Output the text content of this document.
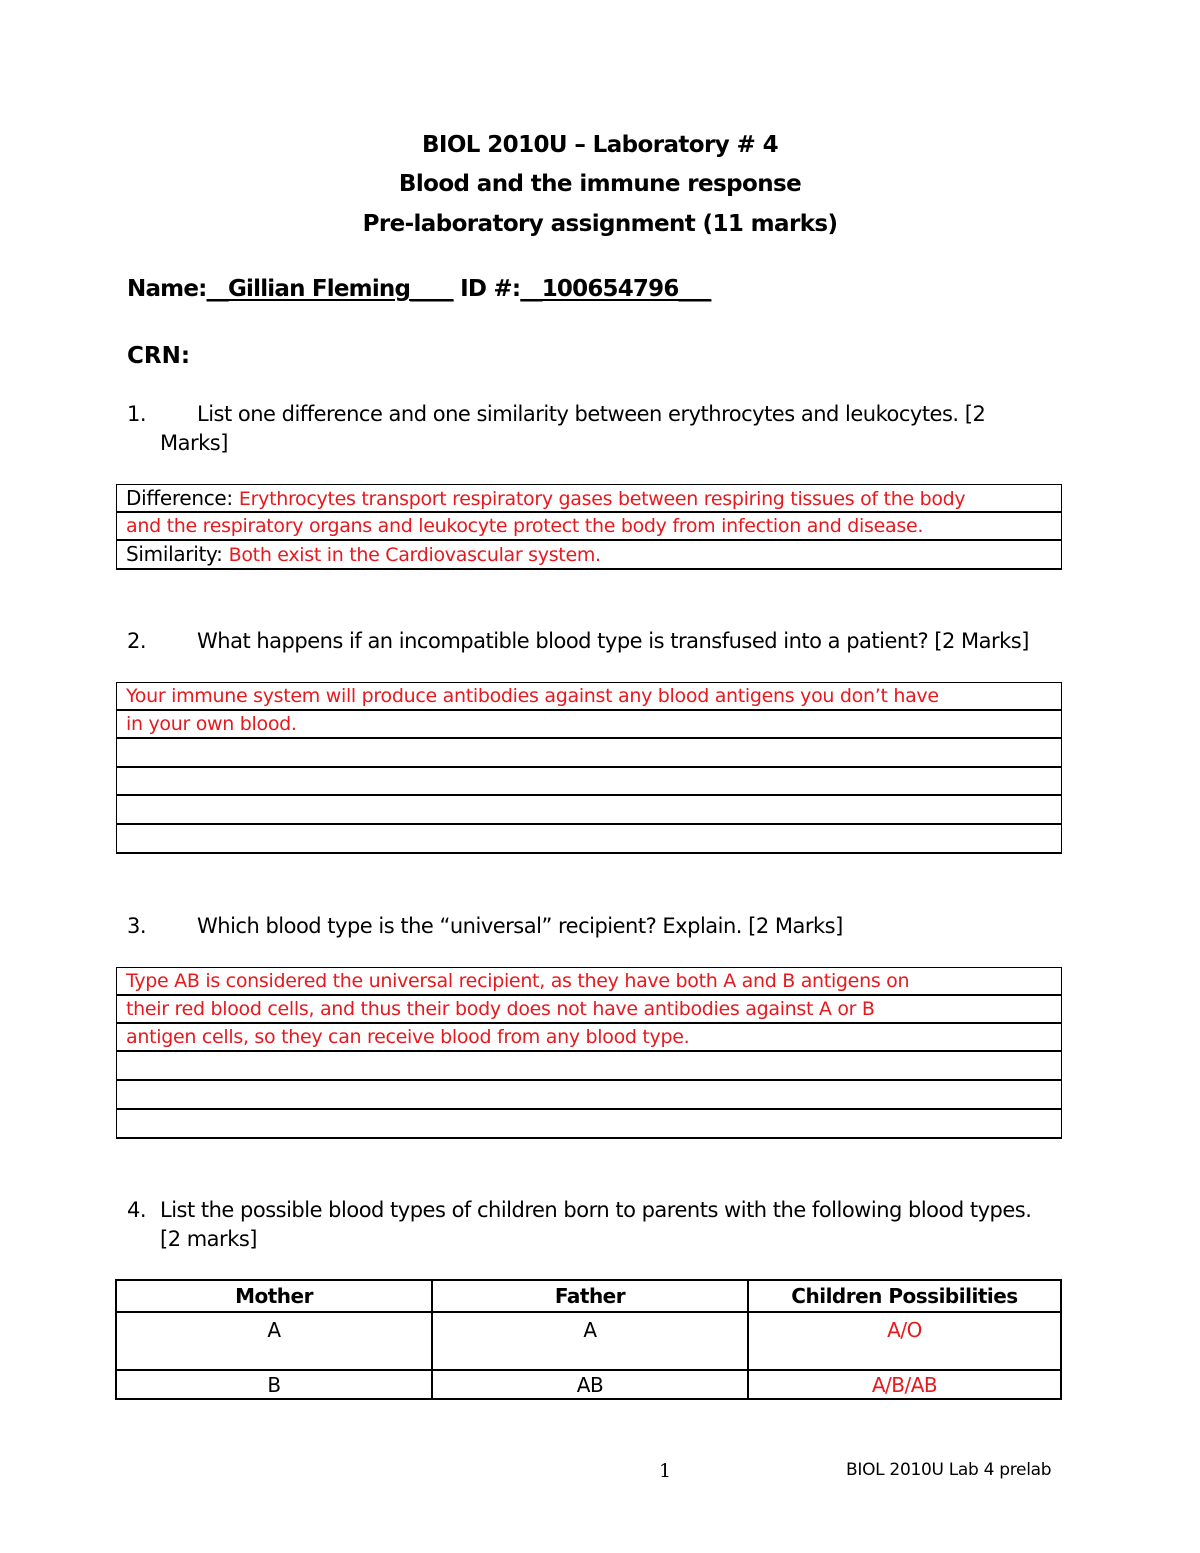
BIOL 2010U – Laboratory # 4
Blood and the immune response
Pre-laboratory assignment (11 marks)
Name:__Gillian Fleming____ ID #:__100654796___
CRN:
1. List one difference and one similarity between erythrocytes and leukocytes. [2
Marks]
Difference: Erythrocytes transport respiratory gases between respiring tissues of the body
and the respiratory organs and leukocyte protect the body from infection and disease.
Similarity: Both exist in the Cardiovascular system.
2. What happens if an incompatible blood type is transfused into a patient? [2 Marks]
Your immune system will produce antibodies against any blood antigens you don’t have
in your own blood.
3. Which blood type is the “universal” recipient? Explain. [2 Marks]
Type AB is considered the universal recipient, as they have both A and B antigens on
their red blood cells, and thus their body does not have antibodies against A or B
antigen cells, so they can receive blood from any blood type.
4. List the possible blood types of children born to parents with the following blood types.
[2 marks]
Mother	Father	Children Possibilities
A	A	A/O
B	AB	A/B/AB
1	BIOL 2010U Lab 4 prelab
